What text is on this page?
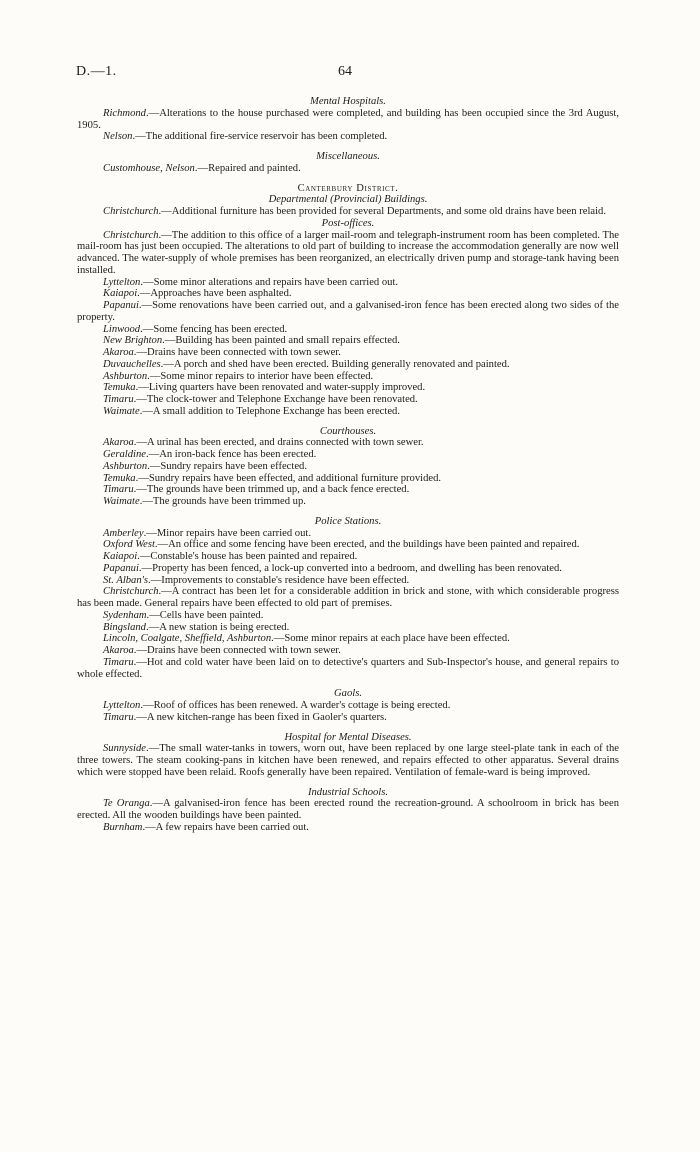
D.—1.	64

Mental Hospitals.

Richmond.—Alterations to the house purchased were completed, and building has been occupied since the 3rd August, 1905.

Nelson.—The additional fire-service reservoir has been completed.

Miscellaneous.

Customhouse, Nelson.—Repaired and painted.

Canterbury District.

Departmental (Provincial) Buildings.

Christchurch.—Additional furniture has been provided for several Departments, and some old drains have been relaid.

Post-offices.

Christchurch.—The addition to this office of a larger mail-room and telegraph-instrument room has been completed. The mail-room has just been occupied. The alterations to old part of building to increase the accommodation generally are now well advanced. The water-supply of whole premises has been reorganized, an electrically driven pump and storage-tank having been installed.

Lyttelton.—Some minor alterations and repairs have been carried out.

Kaiapoi.—Approaches have been asphalted.

Papanui.—Some renovations have been carried out, and a galvanised-iron fence has been erected along two sides of the property.

Linwood.—Some fencing has been erected.

New Brighton.—Building has been painted and small repairs effected.

Akaroa.—Drains have been connected with town sewer.

Duvauchelles.—A porch and shed have been erected. Building generally renovated and painted.

Ashburton.—Some minor repairs to interior have been effected.

Temuka.—Living quarters have been renovated and water-supply improved.

Timaru.—The clock-tower and Telephone Exchange have been renovated.

Waimate.—A small addition to Telephone Exchange has been erected.

Courthouses.

Akaroa.—A urinal has been erected, and drains connected with town sewer.

Geraldine.—An iron-back fence has been erected.

Ashburton.—Sundry repairs have been effected.

Temuka.—Sundry repairs have been effected, and additional furniture provided.

Timaru.—The grounds have been trimmed up, and a back fence erected.

Waimate.—The grounds have been trimmed up.

Police Stations.

Amberley.—Minor repairs have been carried out.

Oxford West.—An office and some fencing have been erected, and the buildings have been painted and repaired.

Kaiapoi.—Constable's house has been painted and repaired.

Papanui.—Property has been fenced, a lock-up converted into a bedroom, and dwelling has been renovated.

St. Alban's.—Improvements to constable's residence have been effected.

Christchurch.—A contract has been let for a considerable addition in brick and stone, with which considerable progress has been made. General repairs have been effected to old part of premises.

Sydenham.—Cells have been painted.

Bingsland.—A new station is being erected.

Lincoln, Coalgate, Sheffield, Ashburton.—Some minor repairs at each place have been effected.

Akaroa.—Drains have been connected with town sewer.

Timaru.—Hot and cold water have been laid on to detective's quarters and Sub-Inspector's house, and general repairs to whole effected.

Gaols.

Lyttelton.—Roof of offices has been renewed. A warder's cottage is being erected.

Timaru.—A new kitchen-range has been fixed in Gaoler's quarters.

Hospital for Mental Diseases.

Sunnyside.—The small water-tanks in towers, worn out, have been replaced by one large steel-plate tank in each of the three towers. The steam cooking-pans in kitchen have been renewed, and repairs effected to other apparatus. Several drains which were stopped have been relaid. Roofs generally have been repaired. Ventilation of female-ward is being improved.

Industrial Schools.

Te Oranga.—A galvanised-iron fence has been erected round the recreation-ground. A schoolroom in brick has been erected. All the wooden buildings have been painted.

Burnham.—A few repairs have been carried out.
